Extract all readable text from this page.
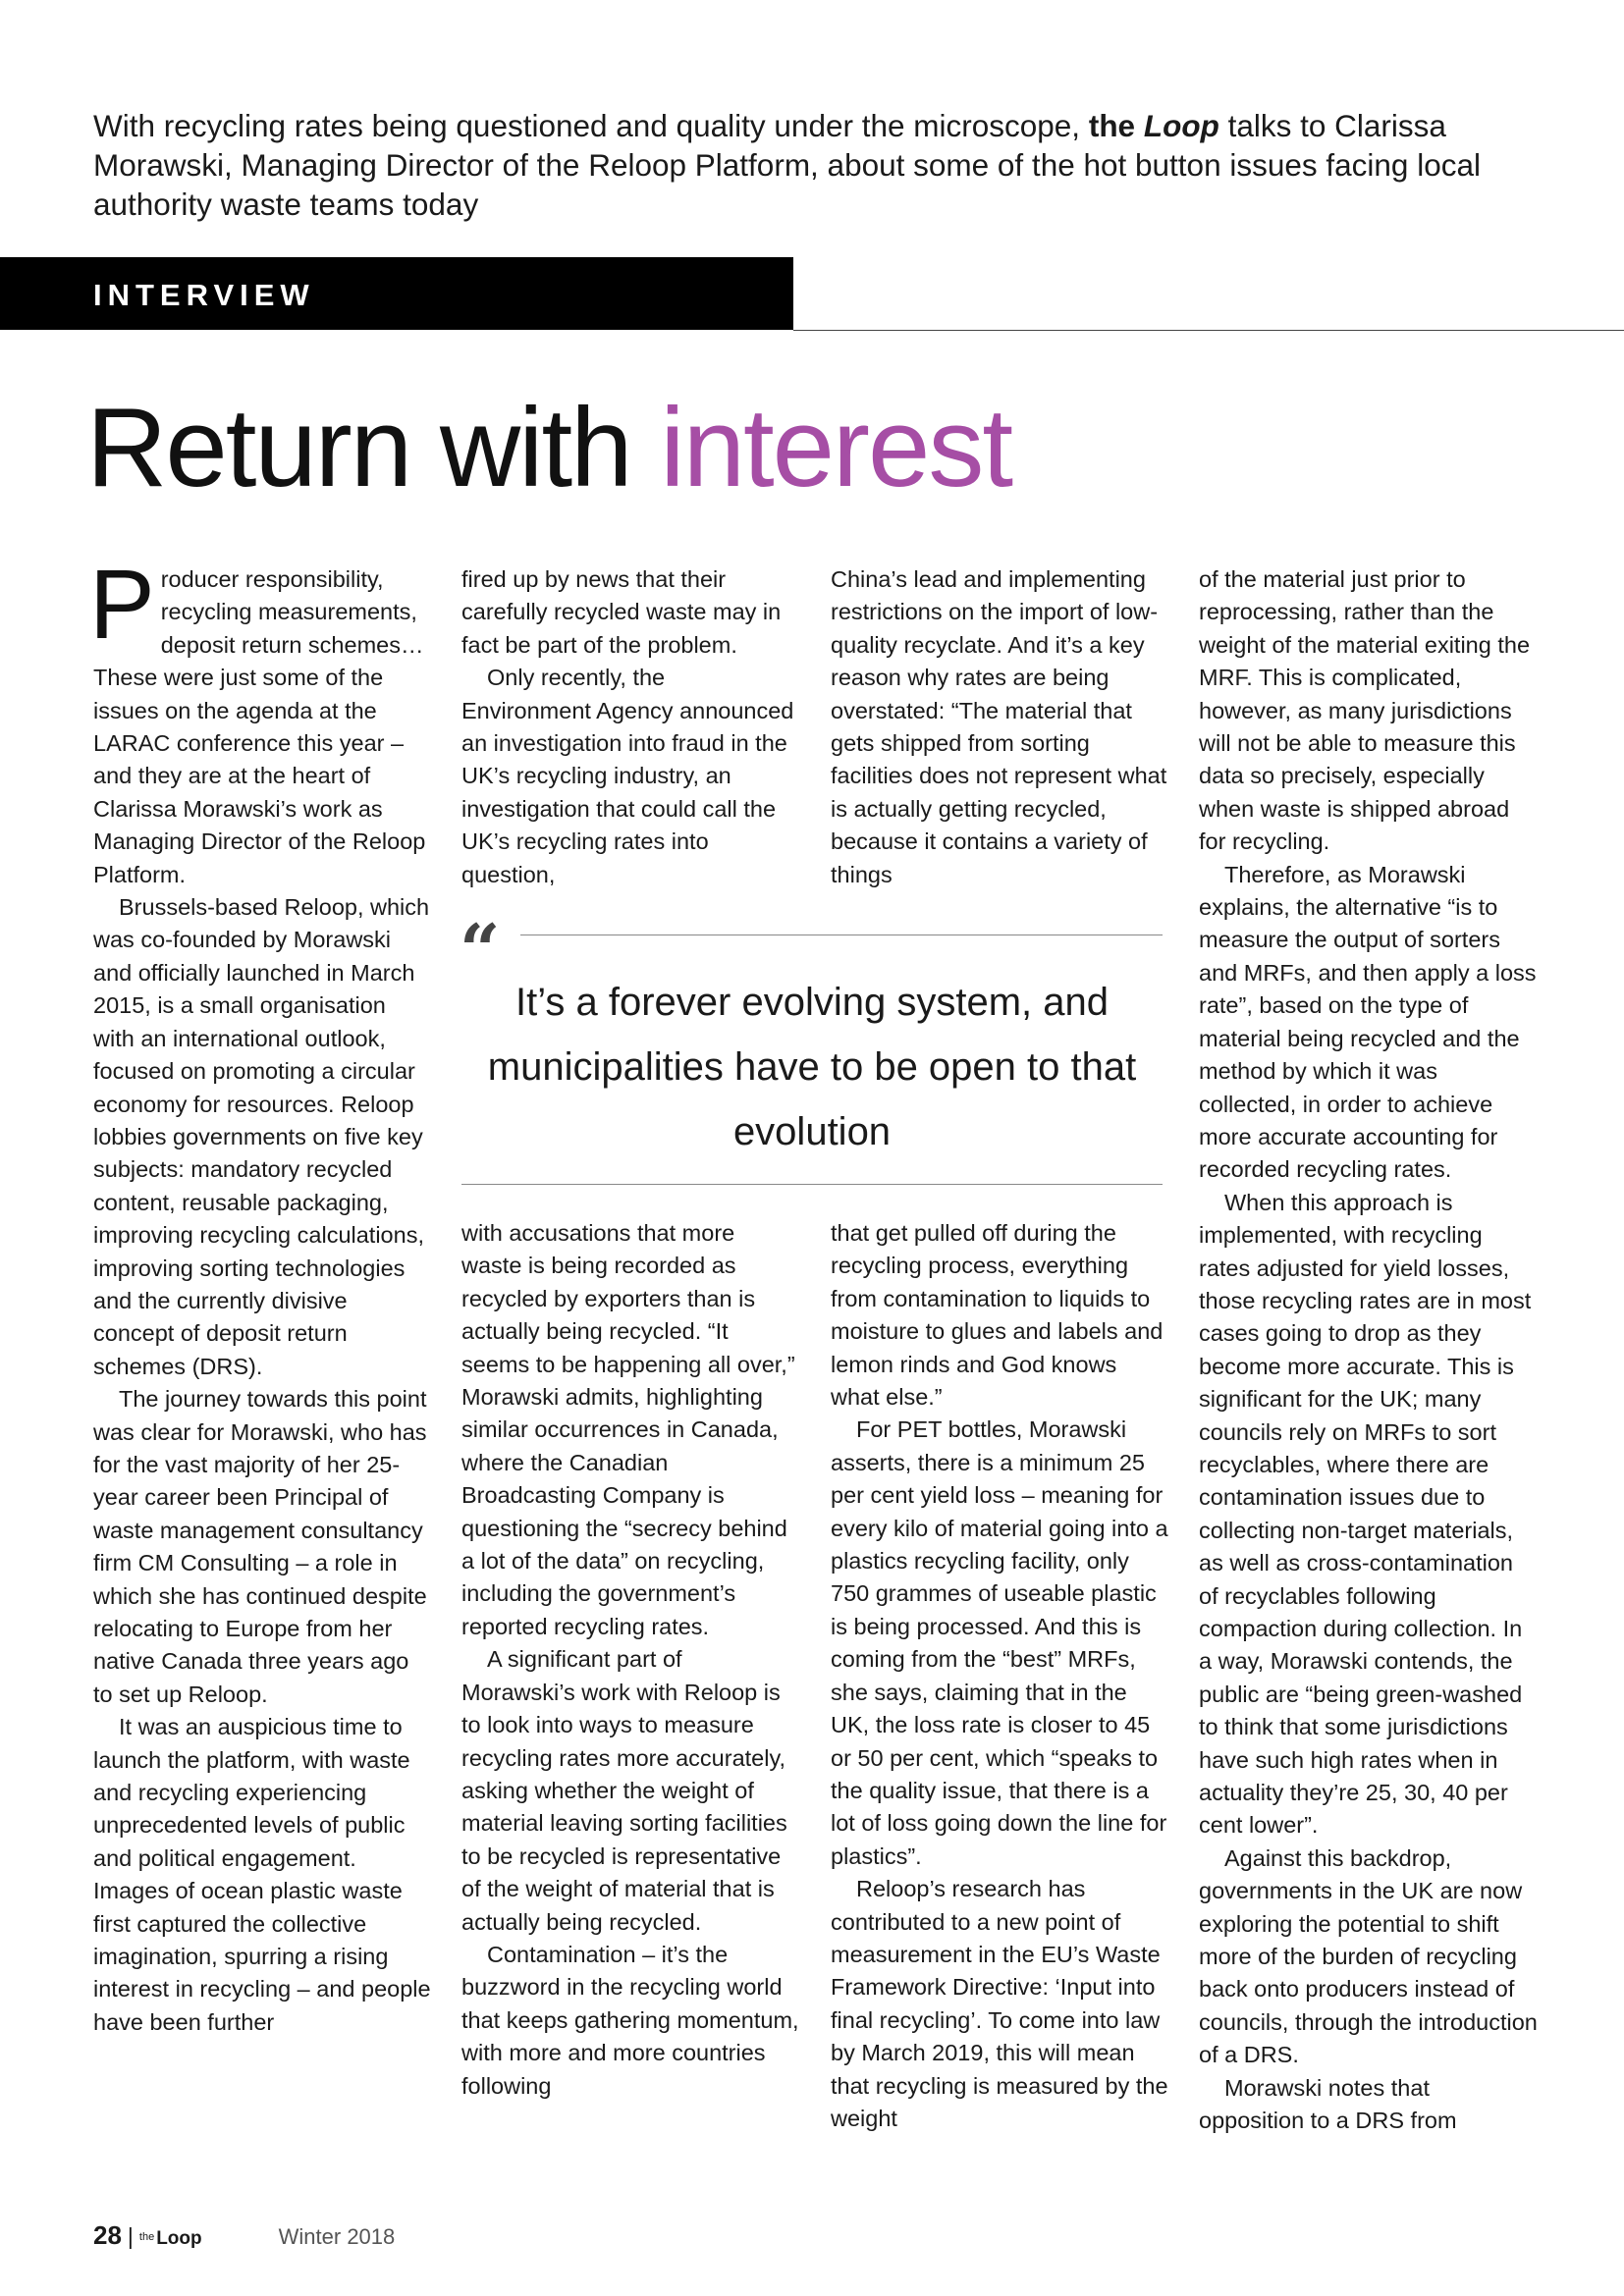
With recycling rates being questioned and quality under the microscope, the Loop talks to Clarissa Morawski, Managing Director of the Reloop Platform, about some of the hot button issues facing local authority waste teams today
INTERVIEW
Return with interest

Producer responsibility, recycling measurements, deposit return schemes… These were just some of the issues on the agenda at the LARAC conference this year – and they are at the heart of Clarissa Morawski’s work as Managing Director of the Reloop Platform.

Brussels-based Reloop, which was co-founded by Morawski and officially launched in March 2015, is a small organisation with an international outlook, focused on promoting a circular economy for resources. Reloop lobbies governments on five key subjects: mandatory recycled content, reusable packaging, improving recycling calculations, improving sorting technologies and the currently divisive concept of deposit return schemes (DRS).

The journey towards this point was clear for Morawski, who has for the vast majority of her 25-year career been Principal of waste management consultancy firm CM Consulting – a role in which she has continued despite relocating to Europe from her native Canada three years ago to set up Reloop.

It was an auspicious time to launch the platform, with waste and recycling experiencing unprecedented levels of public and political engagement. Images of ocean plastic waste first captured the collective imagination, spurring a rising interest in recycling – and people have been further

fired up by news that their carefully recycled waste may in fact be part of the problem.

Only recently, the Environment Agency announced an investigation into fraud in the UK’s recycling industry, an investigation that could call the UK’s recycling rates into question,

China’s lead and implementing restrictions on the import of low-quality recyclate. And it’s a key reason why rates are being overstated: “The material that gets shipped from sorting facilities does not represent what is actually getting recycled, because it contains a variety of things

“
It’s a forever evolving system, and municipalities have to be open to that evolution

with accusations that more waste is being recorded as recycled by exporters than is actually being recycled. “It seems to be happening all over,” Morawski admits, highlighting similar occurrences in Canada, where the Canadian Broadcasting Company is questioning the “secrecy behind a lot of the data” on recycling, including the government’s reported recycling rates.

A significant part of Morawski’s work with Reloop is to look into ways to measure recycling rates more accurately, asking whether the weight of material leaving sorting facilities to be recycled is representative of the weight of material that is actually being recycled.

Contamination – it’s the buzzword in the recycling world that keeps gathering momentum, with more and more countries following

that get pulled off during the recycling process, everything from contamination to liquids to moisture to glues and labels and lemon rinds and God knows what else.”

For PET bottles, Morawski asserts, there is a minimum 25 per cent yield loss – meaning for every kilo of material going into a plastics recycling facility, only 750 grammes of useable plastic is being processed. And this is coming from the “best” MRFs, she says, claiming that in the UK, the loss rate is closer to 45 or 50 per cent, which “speaks to the quality issue, that there is a lot of loss going down the line for plastics”.

Reloop’s research has contributed to a new point of measurement in the EU’s Waste Framework Directive: ‘Input into final recycling’. To come into law by March 2019, this will mean that recycling is measured by the weight

of the material just prior to reprocessing, rather than the weight of the material exiting the MRF. This is complicated, however, as many jurisdictions will not be able to measure this data so precisely, especially when waste is shipped abroad for recycling.

Therefore, as Morawski explains, the alternative “is to measure the output of sorters and MRFs, and then apply a loss rate”, based on the type of material being recycled and the method by which it was collected, in order to achieve more accurate accounting for recorded recycling rates.

When this approach is implemented, with recycling rates adjusted for yield losses, those recycling rates are in most cases going to drop as they become more accurate. This is significant for the UK; many councils rely on MRFs to sort recyclables, where there are contamination issues due to collecting non-target materials, as well as cross-contamination of recyclables following compaction during collection. In a way, Morawski contends, the public are “being green-washed to think that some jurisdictions have such high rates when in actuality they’re 25, 30, 40 per cent lower”.

Against this backdrop, governments in the UK are now exploring the potential to shift more of the burden of recycling back onto producers instead of councils, through the introduction of a DRS.

Morawski notes that opposition to a DRS from

28 | $^{the}$ Loop	Winter 2018
